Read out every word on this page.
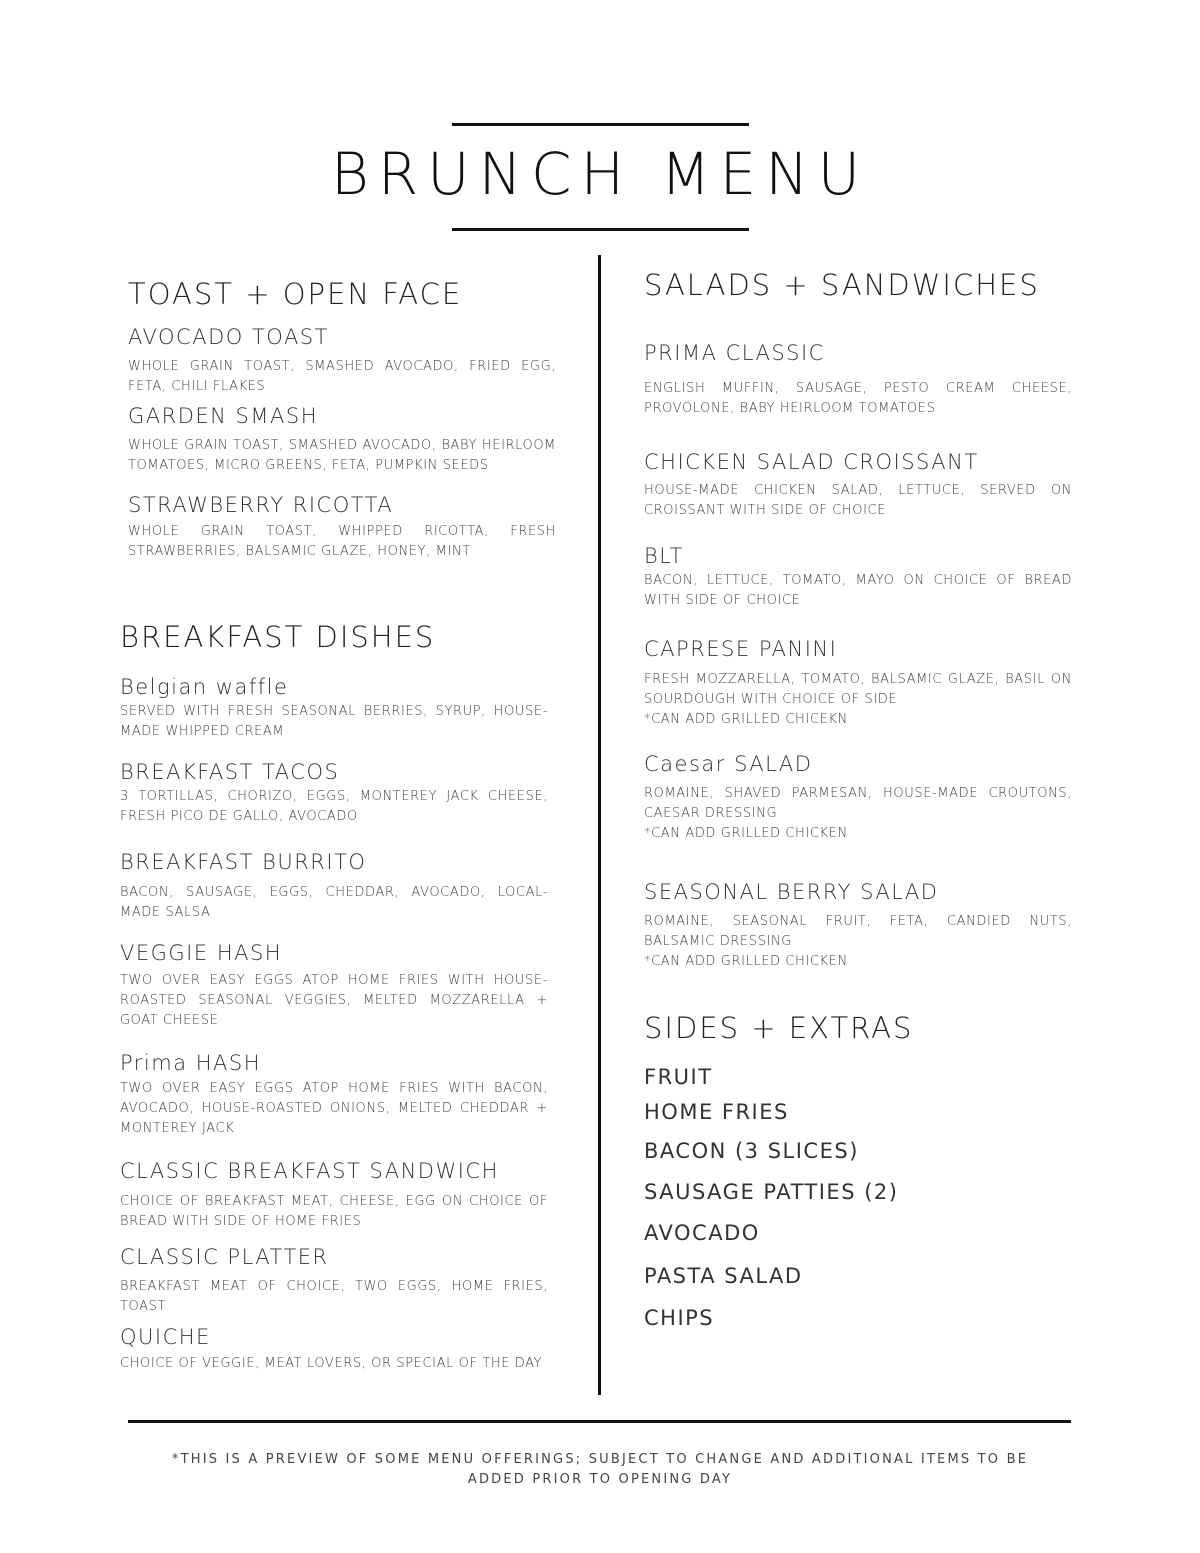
BRUNCH MENU
TOAST + OPEN FACE
AVOCADO TOAST
WHOLE GRAIN TOAST, SMASHED AVOCADO, FRIED EGG, FETA, CHILI FLAKES
GARDEN SMASH
WHOLE GRAIN TOAST, SMASHED AVOCADO, BABY HEIRLOOM TOMATOES, MICRO GREENS, FETA, PUMPKIN SEEDS
STRAWBERRY RICOTTA
WHOLE GRAIN TOAST, WHIPPED RICOTTA, FRESH STRAWBERRIES, BALSAMIC GLAZE, HONEY, MINT
BREAKFAST DISHES
Belgian waffle
SERVED WITH FRESH SEASONAL BERRIES, SYRUP, HOUSE-MADE WHIPPED CREAM
BREAKFAST TACOS
3 TORTILLAS, CHORIZO, EGGS, MONTEREY JACK CHEESE, FRESH PICO DE GALLO, AVOCADO
BREAKFAST BURRITO
BACON, SAUSAGE, EGGS, CHEDDAR, AVOCADO, LOCAL-MADE SALSA
VEGGIE HASH
TWO OVER EASY EGGS ATOP HOME FRIES WITH HOUSE-ROASTED SEASONAL VEGGIES, MELTED MOZZARELLA + GOAT CHEESE
Prima HASH
TWO OVER EASY EGGS ATOP HOME FRIES WITH BACON, AVOCADO, HOUSE-ROASTED ONIONS, MELTED CHEDDAR + MONTEREY JACK
CLASSIC BREAKFAST SANDWICH
CHOICE OF BREAKFAST MEAT, CHEESE, EGG ON CHOICE OF BREAD WITH SIDE OF HOME FRIES
CLASSIC PLATTER
BREAKFAST MEAT OF CHOICE, TWO EGGS, HOME FRIES, TOAST
QUICHE
CHOICE OF VEGGIE, MEAT LOVERS, OR SPECIAL OF THE DAY
SALADS + SANDWICHES
PRIMA CLASSIC
ENGLISH MUFFIN, SAUSAGE, PESTO CREAM CHEESE, PROVOLONE, BABY HEIRLOOM TOMATOES
CHICKEN SALAD CROISSANT
HOUSE-MADE CHICKEN SALAD, LETTUCE, SERVED ON CROISSANT WITH SIDE OF CHOICE
BLT
BACON, LETTUCE, TOMATO, MAYO ON CHOICE OF BREAD WITH SIDE OF CHOICE
CAPRESE PANINI
FRESH MOZZARELLA, TOMATO, BALSAMIC GLAZE, BASIL ON SOURDOUGH WITH CHOICE OF SIDE
*CAN ADD GRILLED CHICEKN
Caesar SALAD
ROMAINE, SHAVED PARMESAN, HOUSE-MADE CROUTONS, CAESAR DRESSING
*CAN ADD GRILLED CHICKEN
SEASONAL BERRY SALAD
ROMAINE, SEASONAL FRUIT, FETA, CANDIED NUTS, BALSAMIC DRESSING
*CAN ADD GRILLED CHICKEN
SIDES + EXTRAS
FRUIT
HOME FRIES
BACON (3 SLICES)
SAUSAGE PATTIES (2)
AVOCADO
PASTA SALAD
CHIPS
*THIS IS A PREVIEW OF SOME MENU OFFERINGS; SUBJECT TO CHANGE AND ADDITIONAL ITEMS TO BE ADDED PRIOR TO OPENING DAY
